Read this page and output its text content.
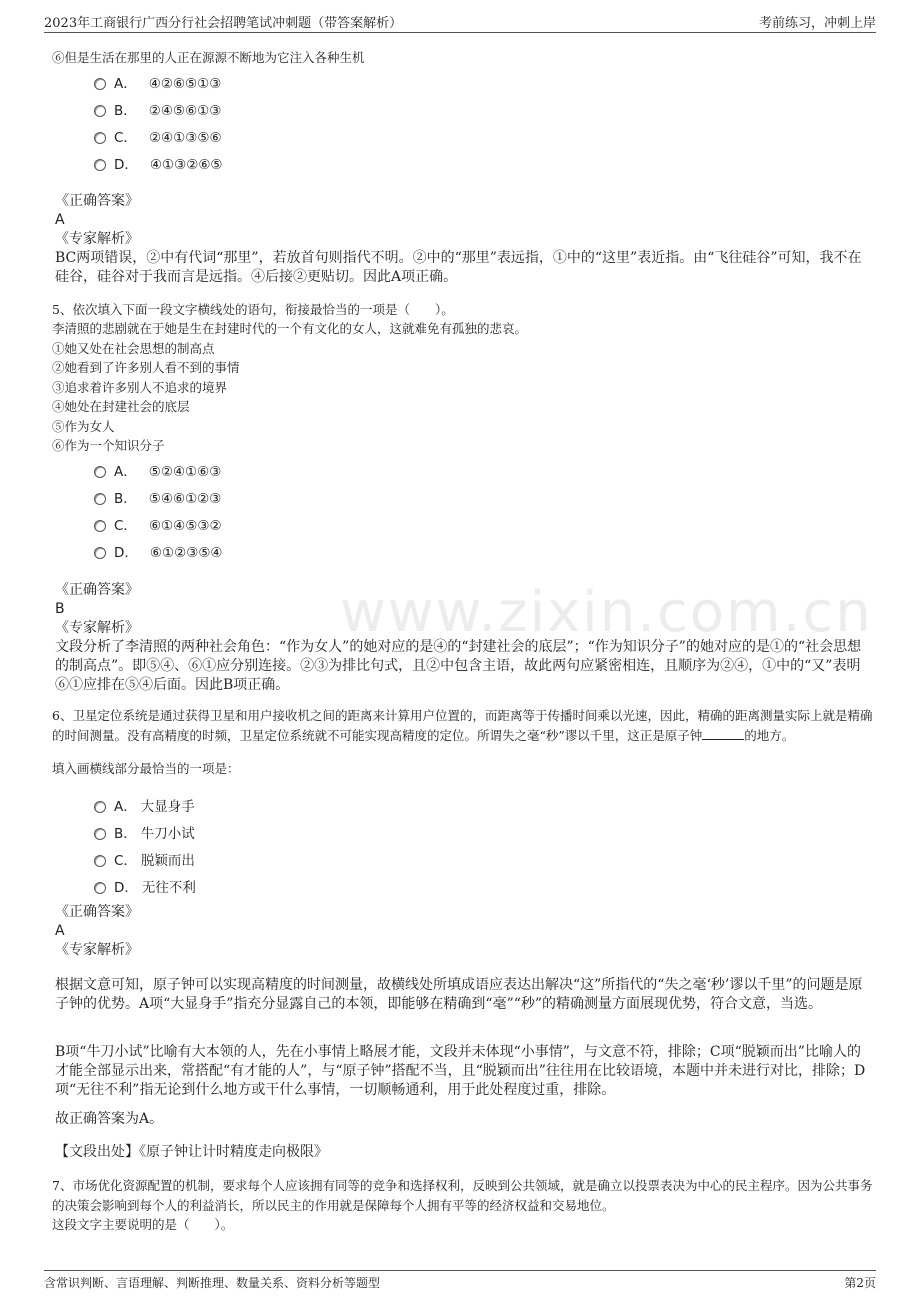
2023年工商银行广西分行社会招聘笔试冲刺题（带答案解析）	考前练习，冲刺上岸
www.zixin.com.cn
⑥但是生活在那里的人正在源源不断地为它注入各种生机
A． ④②⑥⑤①③
B． ②④⑤⑥①③
C． ②④①③⑤⑥
D． ④①③②⑥⑤
《正确答案》
A
《专家解析》
BC两项错误，②中有代词“那里”，若放首句则指代不明。②中的“那里”表远指，①中的“这里”表近指。由“飞往硅谷”可知，我不在硅谷，硅谷对于我而言是远指。④后接②更贴切。因此A项正确。
5、依次填入下面一段文字横线处的语句，衔接最恰当的一项是（　　）。
李清照的悲剧就在于她是生在封建时代的一个有文化的女人，这就难免有孤独的悲哀。
①她又处在社会思想的制高点
②她看到了许多别人看不到的事情
③追求着许多别人不追求的境界
④她处在封建社会的底层
⑤作为女人
⑥作为一个知识分子
A． ⑤②④①⑥③
B． ⑤④⑥①②③
C． ⑥①④⑤③②
D． ⑥①②③⑤④
《正确答案》
B
《专家解析》
文段分析了李清照的两种社会角色：“作为女人”的她对应的是④的“封建社会的底层”；“作为知识分子”的她对应的是①的“社会思想的制高点”。即⑤④、⑥①应分别连接。②③为排比句式，且②中包含主语，故此两句应紧密相连，且顺序为②④，①中的“又”表明⑥①应排在⑤④后面。因此B项正确。
6、卫星定位系统是通过获得卫星和用户接收机之间的距离来计算用户位置的，而距离等于传播时间乘以光速，因此，精确的距离测量实际上就是精确的时间测量。没有高精度的时频，卫星定位系统就不可能实现高精度的定位。所谓失之毫“秒”谬以千里，这正是原子钟	的地方。
填入画横线部分最恰当的一项是：
A． 大显身手
B． 牛刀小试
C． 脱颖而出
D． 无往不利
《正确答案》
A
《专家解析》
根据文意可知，原子钟可以实现高精度的时间测量，故横线处所填成语应表达出解决“这”所指代的“失之毫‘秒’谬以千里”的问题是原子钟的优势。A项“大显身手”指充分显露自己的本领，即能够在精确到“毫”“秒”的精确测量方面展现优势，符合文意，当选。
B项“牛刀小试”比喻有大本领的人，先在小事情上略展才能，文段并未体现“小事情”，与文意不符，排除；C项“脱颖而出”比喻人的才能全部显示出来，常搭配“有才能的人”，与“原子钟”搭配不当，且“脱颖而出”往往用在比较语境，本题中并未进行对比，排除；D项“无往不利”指无论到什么地方或干什么事情，一切顺畅通利，用于此处程度过重，排除。
故正确答案为A。
【文段出处】《原子钟让计时精度走向极限》
7、市场优化资源配置的机制，要求每个人应该拥有同等的竞争和选择权利，反映到公共领域，就是确立以投票表决为中心的民主程序。因为公共事务的决策会影响到每个人的利益消长，所以民主的作用就是保障每个人拥有平等的经济权益和交易地位。
这段文字主要说明的是（　　）。
含常识判断、言语理解、判断推理、数量关系、资料分析等题型	第2页
